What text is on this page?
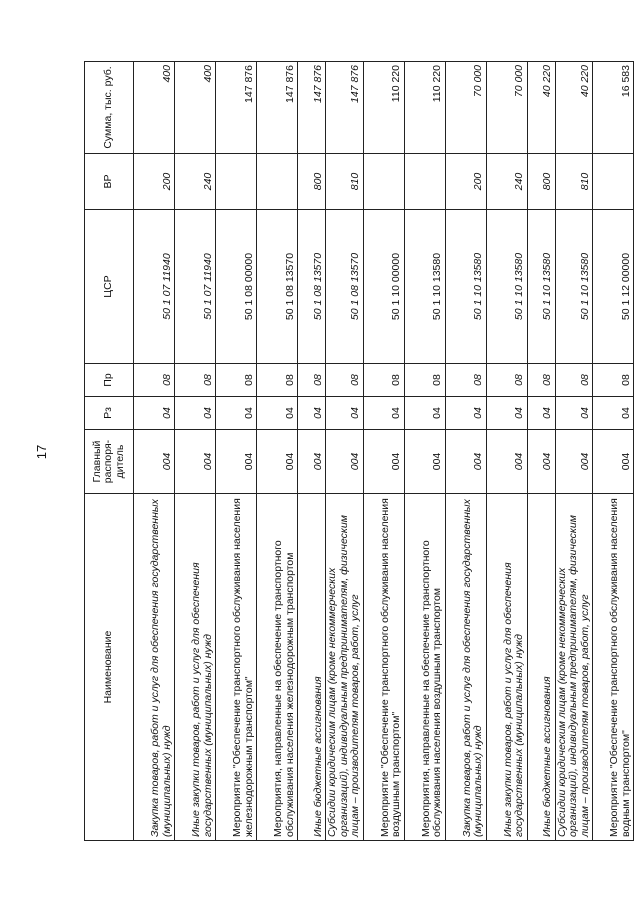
17
Наименование	Главный распоря-дитель	Рз	Пр	ЦСР	ВР	Сумма, тыс. руб.
Закупка товаров, работ и услуг для обеспечения государственных (муниципальных) нужд	004	04	08	50 1 07 11940	200	400
Иные закупки товаров, работ и услуг для обеспечения государственных (муниципальных) нужд	004	04	08	50 1 07 11940	240	400
Мероприятие "Обеспечение транспортного обслуживания населения железнодорожным транспортом"	004	04	08	50 1 08 00000		147 876
Мероприятия, направленные на обеспечение транспортного обслуживания населения железнодорожным транспортом	004	04	08	50 1 08 13570		147 876
Иные бюджетные ассигнования	004	04	08	50 1 08 13570	800	147 876
Субсидии юридическим лицам (кроме некоммерческих организаций), индивидуальным предпринимателям, физическим лицам – производителям товаров, работ, услуг	004	04	08	50 1 08 13570	810	147 876
Мероприятие "Обеспечение транспортного обслуживания населения воздушным транспортом"	004	04	08	50 1 10 00000		110 220
Мероприятия, направленные на обеспечение транспортного обслуживания населения воздушным транспортом	004	04	08	50 1 10 13580		110 220
Закупка товаров, работ и услуг для обеспечения государственных (муниципальных) нужд	004	04	08	50 1 10 13580	200	70 000
Иные закупки товаров, работ и услуг для обеспечения государственных (муниципальных) нужд	004	04	08	50 1 10 13580	240	70 000
Иные бюджетные ассигнования	004	04	08	50 1 10 13580	800	40 220
Субсидии юридическим лицам (кроме некоммерческих организаций), индивидуальным предпринимателям, физическим лицам – производителям товаров, работ, услуг	004	04	08	50 1 10 13580	810	40 220
Мероприятие "Обеспечение транспортного обслуживания населения водным транспортом"	004	04	08	50 1 12 00000		16 583
